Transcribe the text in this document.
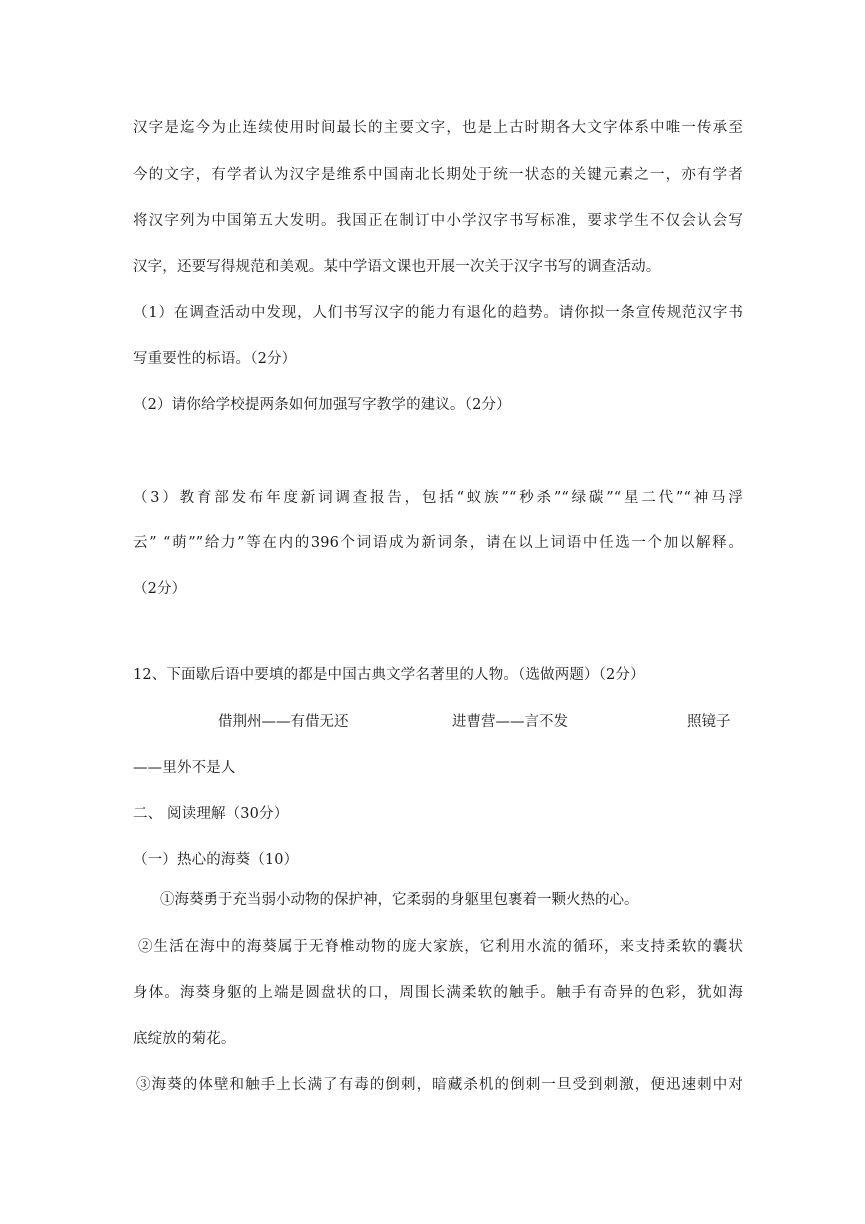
汉字是迄今为止连续使用时间最长的主要文字，也是上古时期各大文字体系中唯一传承至
今的文字，有学者认为汉字是维系中国南北长期处于统一状态的关键元素之一，亦有学者
将汉字列为中国第五大发明。我国正在制订中小学汉字书写标准，要求学生不仅会认会写
汉字，还要写得规范和美观。某中学语文课也开展一次关于汉字书写的调查活动。
（1）在调查活动中发现，人们书写汉字的能力有退化的趋势。请你拟一条宣传规范汉字书
写重要性的标语。（2分）
（2）请你给学校提两条如何加强写字教学的建议。（2分）
（3）教育部发布年度新词调查报告，包括“蚁族”“秒杀”“绿碳”“星二代”“神马浮
云” “萌””给力”等在内的396个词语成为新词条，请在以上词语中任选一个加以解释。
（2分）
12、下面歇后语中要填的都是中国古典文学名著里的人物。（选做两题）（2分）
借荆州——有借无还	进曹营——言不发	照镜子
——里外不是人
二、 阅读理解（30分）
（一）热心的海葵（10）
①海葵勇于充当弱小动物的保护神，它柔弱的身躯里包裹着一颗火热的心。
②生活在海中的海葵属于无脊椎动物的庞大家族，它利用水流的循环，来支持柔软的囊状
身体。海葵身躯的上端是圆盘状的口，周围长满柔软的触手。触手有奇异的色彩，犹如海
底绽放的菊花。
③海葵的体壁和触手上长满了有毒的倒刺，暗藏杀机的倒刺一旦受到刺激，便迅速刺中对
